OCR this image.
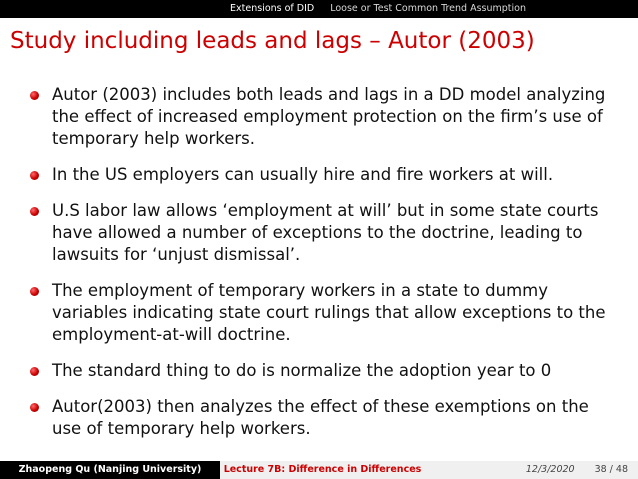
Extensions of DID	Loose or Test Common Trend Assumption
Study including leads and lags – Autor (2003)
Autor (2003) includes both leads and lags in a DD model analyzing the effect of increased employment protection on the firm’s use of temporary help workers.
In the US employers can usually hire and fire workers at will.
U.S labor law allows ‘employment at will’ but in some state courts have allowed a number of exceptions to the doctrine, leading to lawsuits for ‘unjust dismissal’.
The employment of temporary workers in a state to dummy variables indicating state court rulings that allow exceptions to the employment-at-will doctrine.
The standard thing to do is normalize the adoption year to 0
Autor(2003) then analyzes the effect of these exemptions on the use of temporary help workers.
Zhaopeng Qu (Nanjing University)	Lecture 7B: Difference in Differences	12/3/2020 38 / 48
